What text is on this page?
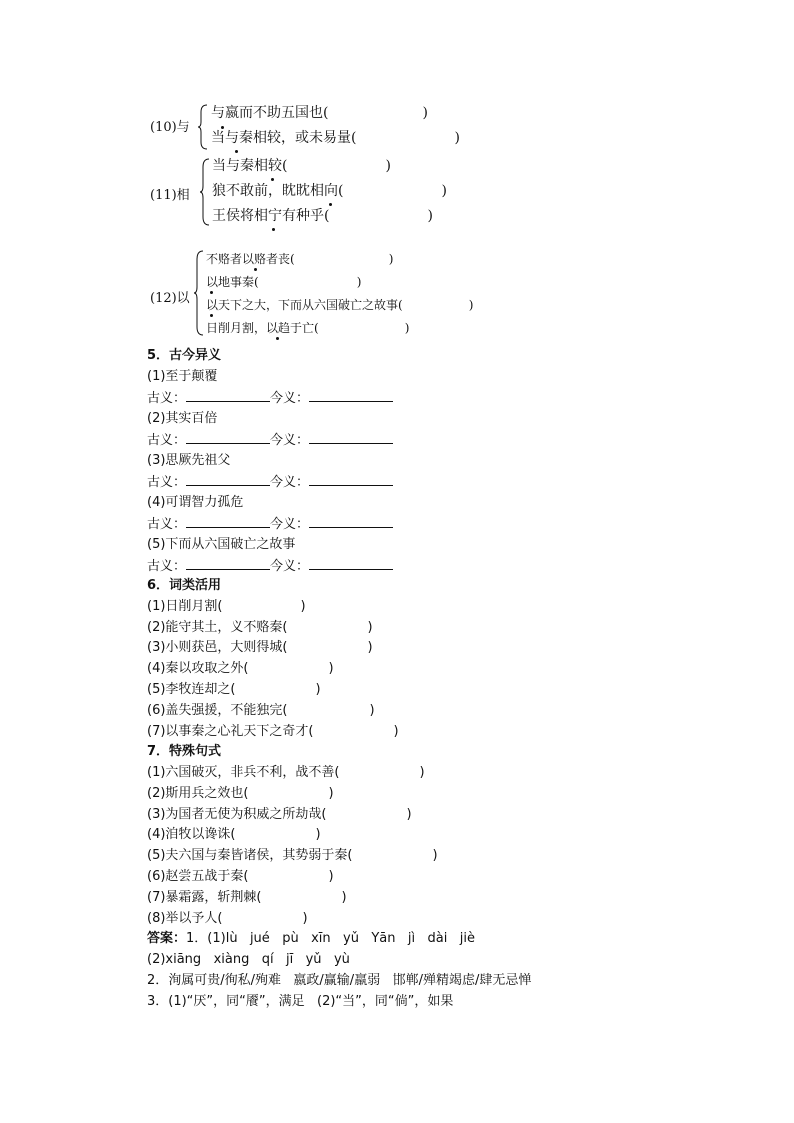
(10)与
与嬴而不助五国也(	)
当与秦相较，或未易量(	)
(11)相
当与秦相较(	)
狼不敢前，眈眈相向(	)
王侯将相宁有种乎(	)
(12)以
不赂者以赂者丧(	)
以地事秦(	)
以天下之大，下而从六国破亡之故事(	)
日削月割，以趋于亡(	)
5．古今异义
(1)至于颠覆
古义：	今义：
(2)其实百倍
古义：	今义：
(3)思厥先祖父
古义：	今义：
(4)可谓智力孤危
古义：	今义：
(5)下而从六国破亡之故事
古义：	今义：
6．词类活用
(1)日削月割(	)
(2)能守其土，义不赂秦(	)
(3)小则获邑，大则得城(	)
(4)秦以攻取之外(	)
(5)李牧连却之(	)
(6)盖失强援，不能独完(	)
(7)以事秦之心礼天下之奇才(	)
7．特殊句式
(1)六国破灭，非兵不利，战不善(	)
(2)斯用兵之效也(	)
(3)为国者无使为积威之所劫哉(	)
(4)洎牧以谗诛(	)
(5)夫六国与秦皆诸侯，其势弱于秦(	)
(6)赵尝五战于秦(	)
(7)暴霜露，斩荆棘(	)
(8)举以予人(	)
答案：1．(1)lù   jué   pù   xīn   yǔ   Yān   jì   dài   jiè
(2)xiāng   xiàng   qí   jī   yǔ   yù
2．洵属可贵/徇私/殉难   嬴政/赢输/羸弱   邯郸/殚精竭虑/肆无忌惮
3．(1)“厌”，同“餍”，满足   (2)“当”，同“倘”，如果
